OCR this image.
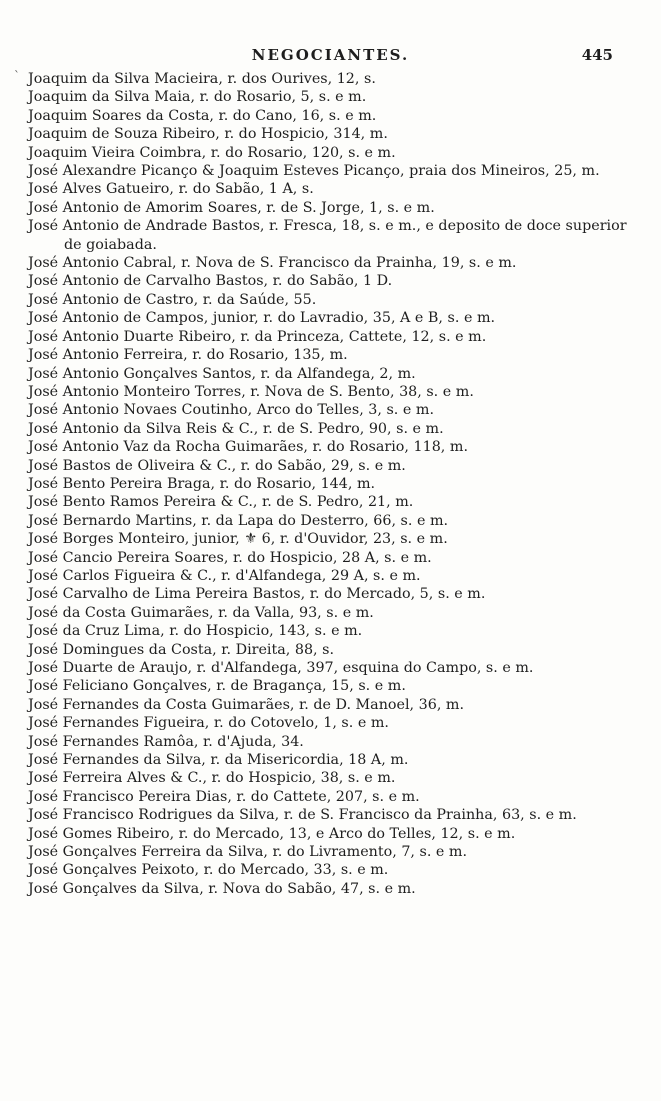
NEGOCIANTES.	445
` Joaquim da Silva Macieira, r. dos Ourives, 12, s.

Joaquim da Silva Maia, r. do Rosario, 5, s. e m.

Joaquim Soares da Costa, r. do Cano, 16, s. e m.

Joaquim de Souza Ribeiro, r. do Hospicio, 314, m.

Joaquim Vieira Coimbra, r. do Rosario, 120, s. e m.

José Alexandre Picanço & Joaquim Esteves Picanço, praia dos Mineiros, 25, m.

José Alves Gatueiro, r. do Sabão, 1 A, s.

José Antonio de Amorim Soares, r. de S. Jorge, 1, s. e m.

José Antonio de Andrade Bastos, r. Fresca, 18, s. e m., e deposito de doce superior de goiabada.

José Antonio Cabral, r. Nova de S. Francisco da Prainha, 19, s. e m.

José Antonio de Carvalho Bastos, r. do Sabão, 1 D.

José Antonio de Castro, r. da Saúde, 55.

José Antonio de Campos, junior, r. do Lavradio, 35, A e B, s. e m.

José Antonio Duarte Ribeiro, r. da Princeza, Cattete, 12, s. e m.

José Antonio Ferreira, r. do Rosario, 135, m.

José Antonio Gonçalves Santos, r. da Alfandega, 2, m.

José Antonio Monteiro Torres, r. Nova de S. Bento, 38, s. e m.

José Antonio Novaes Coutinho, Arco do Telles, 3, s. e m.

José Antonio da Silva Reis & C., r. de S. Pedro, 90, s. e m.

José Antonio Vaz da Rocha Guimarães, r. do Rosario, 118, m.

José Bastos de Oliveira & C., r. do Sabão, 29, s. e m.

José Bento Pereira Braga, r. do Rosario, 144, m.

José Bento Ramos Pereira & C., r. de S. Pedro, 21, m.

José Bernardo Martins, r. da Lapa do Desterro, 66, s. e m.

José Borges Monteiro, junior, ⚜ 6, r. d'Ouvidor, 23, s. e m.

José Cancio Pereira Soares, r. do Hospicio, 28 A, s. e m.

José Carlos Figueira & C., r. d'Alfandega, 29 A, s. e m.

José Carvalho de Lima Pereira Bastos, r. do Mercado, 5, s. e m.

José da Costa Guimarães, r. da Valla, 93, s. e m.

José da Cruz Lima, r. do Hospicio, 143, s. e m.

José Domingues da Costa, r. Direita, 88, s.

José Duarte de Araujo, r. d'Alfandega, 397, esquina do Campo, s. e m.

José Feliciano Gonçalves, r. de Bragança, 15, s. e m.

José Fernandes da Costa Guimarães, r. de D. Manoel, 36, m.

José Fernandes Figueira, r. do Cotovelo, 1, s. e m.

José Fernandes Ramôa, r. d'Ajuda, 34.

José Fernandes da Silva, r. da Misericordia, 18 A, m.

José Ferreira Alves & C., r. do Hospicio, 38, s. e m.

José Francisco Pereira Dias, r. do Cattete, 207, s. e m.

José Francisco Rodrigues da Silva, r. de S. Francisco da Prainha, 63, s. e m.

José Gomes Ribeiro, r. do Mercado, 13, e Arco do Telles, 12, s. e m.

José Gonçalves Ferreira da Silva, r. do Livramento, 7, s. e m.

José Gonçalves Peixoto, r. do Mercado, 33, s. e m.

José Gonçalves da Silva, r. Nova do Sabão, 47, s. e m.
